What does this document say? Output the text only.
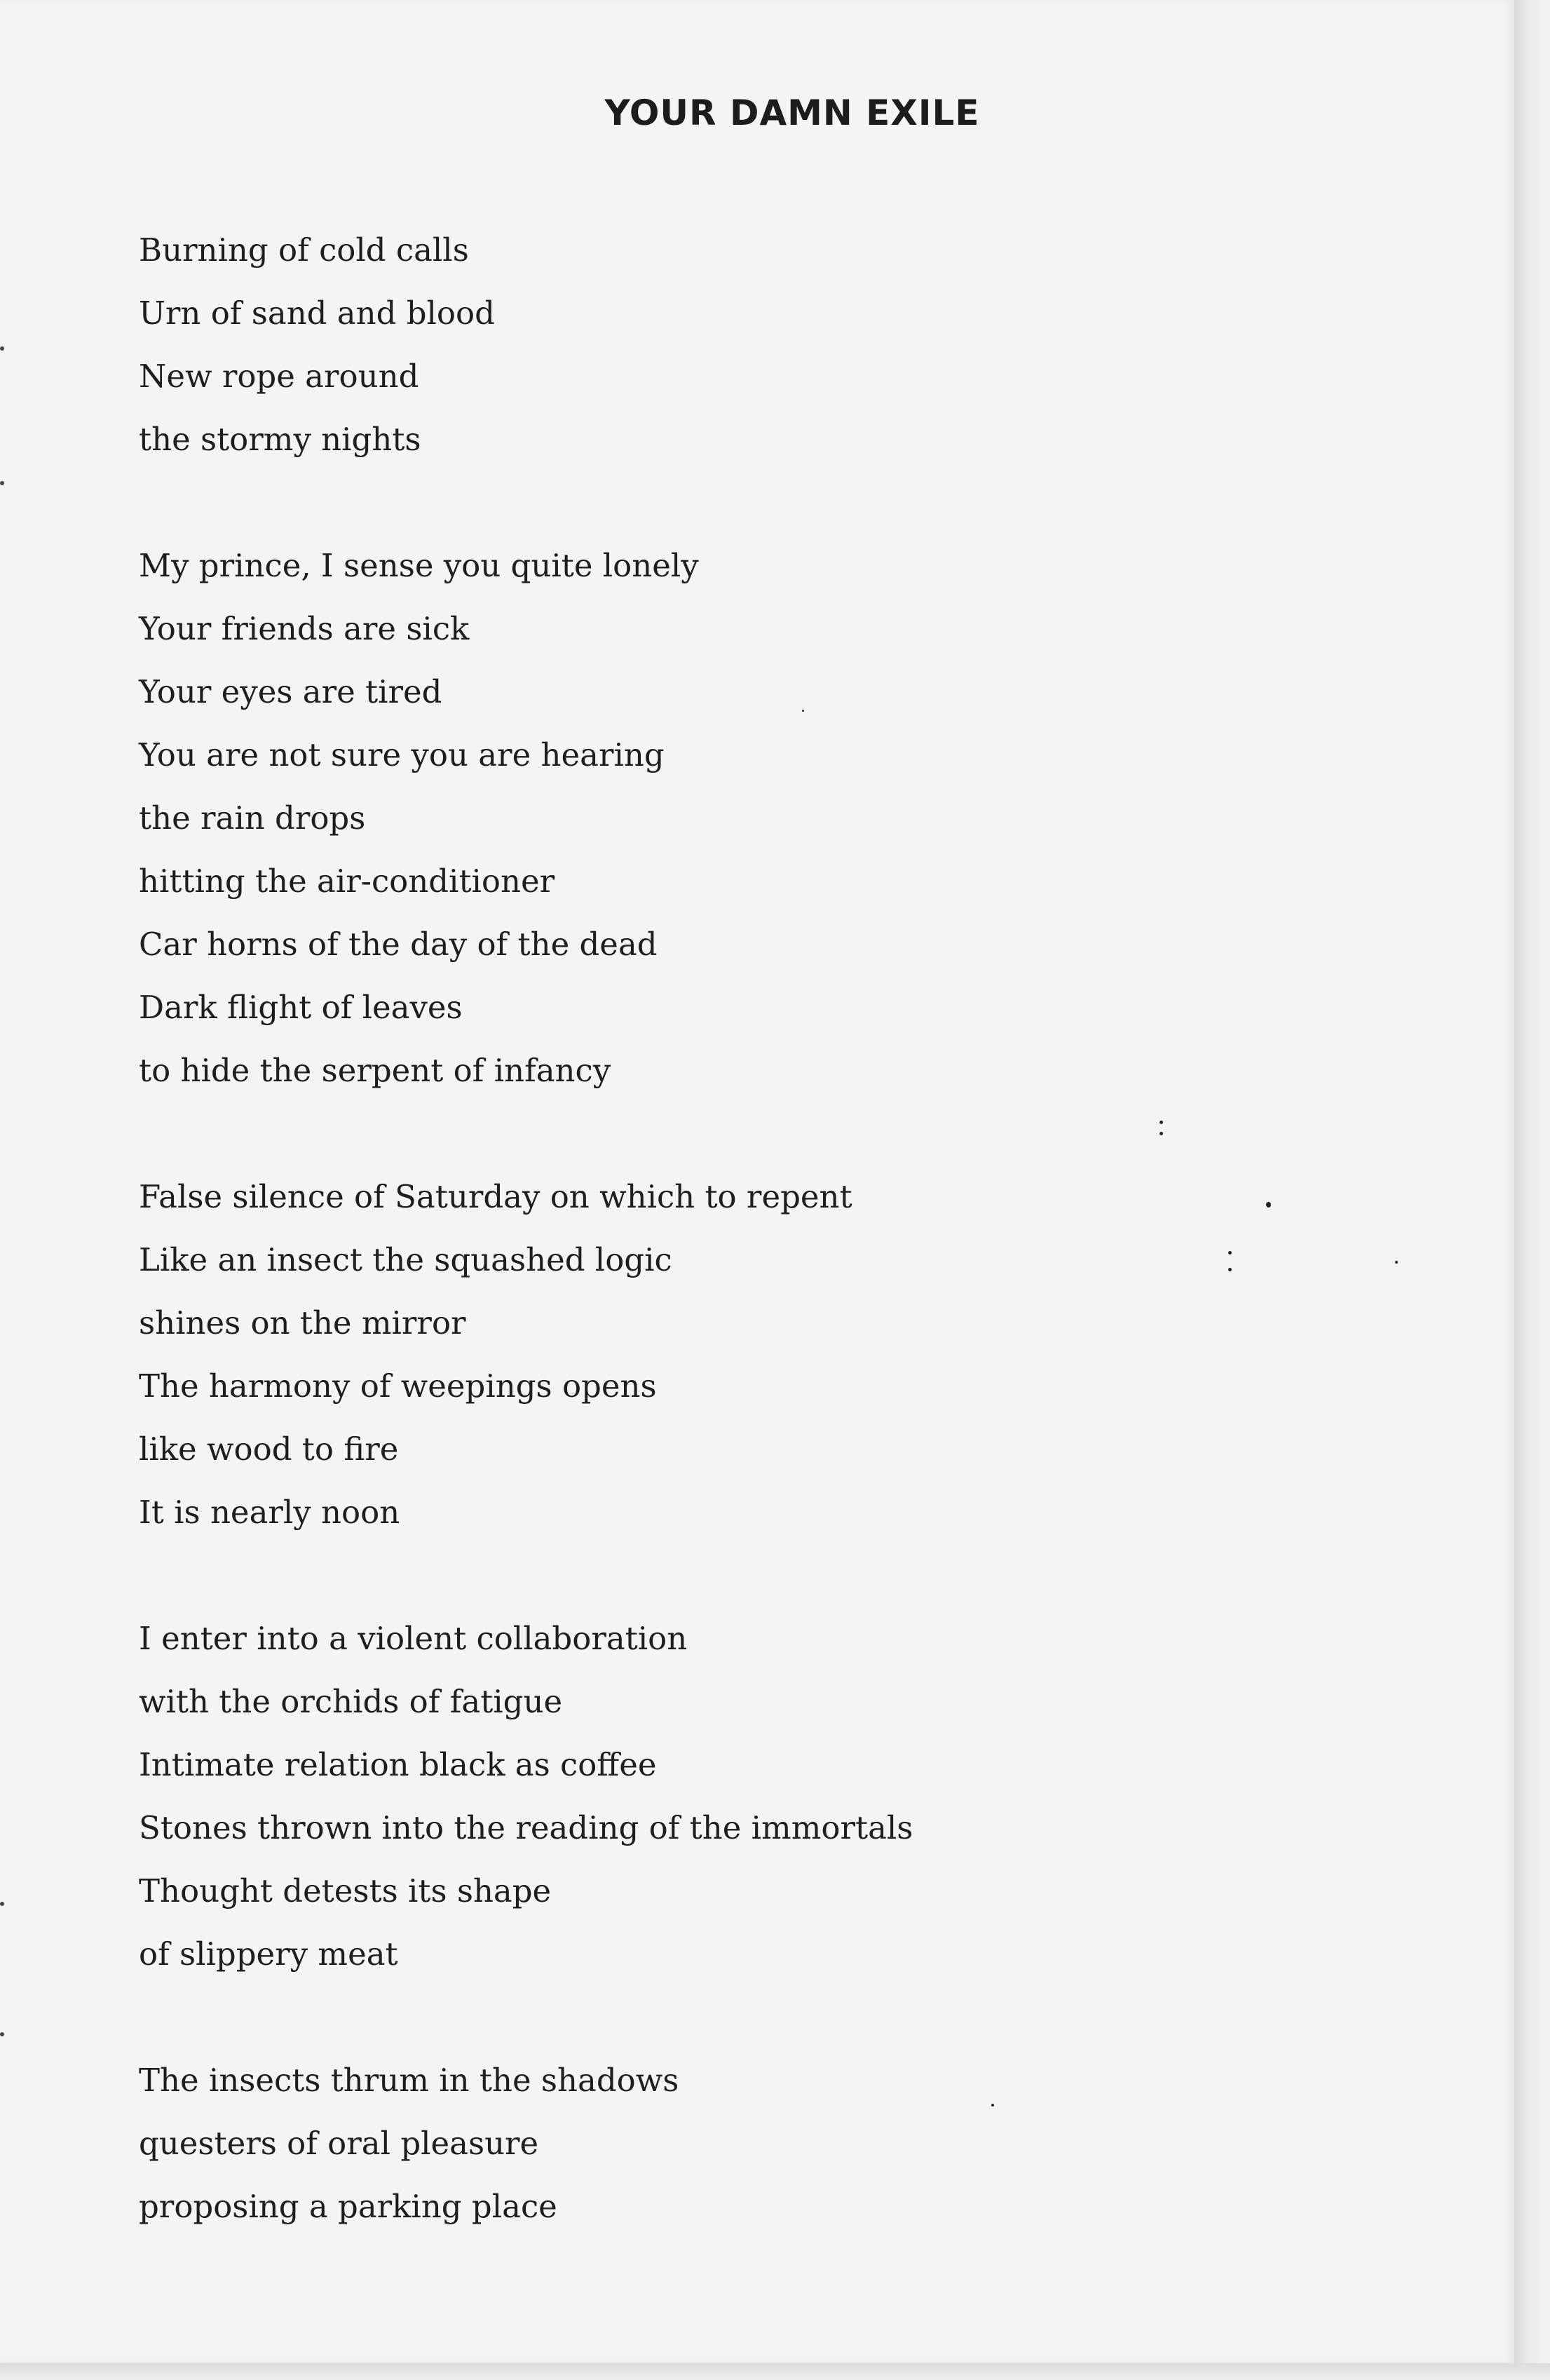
YOUR DAMN EXILE
Burning of cold calls
Urn of sand and blood
New rope around
the stormy nights
My prince, I sense you quite lonely
Your friends are sick
Your eyes are tired
You are not sure you are hearing
the rain drops
hitting the air-conditioner
Car horns of the day of the dead
Dark flight of leaves
to hide the serpent of infancy
False silence of Saturday on which to repent
Like an insect the squashed logic
shines on the mirror
The harmony of weepings opens
like wood to fire
It is nearly noon
I enter into a violent collaboration
with the orchids of fatigue
Intimate relation black as coffee
Stones thrown into the reading of the immortals
Thought detests its shape
of slippery meat
The insects thrum in the shadows
questers of oral pleasure
proposing a parking place
